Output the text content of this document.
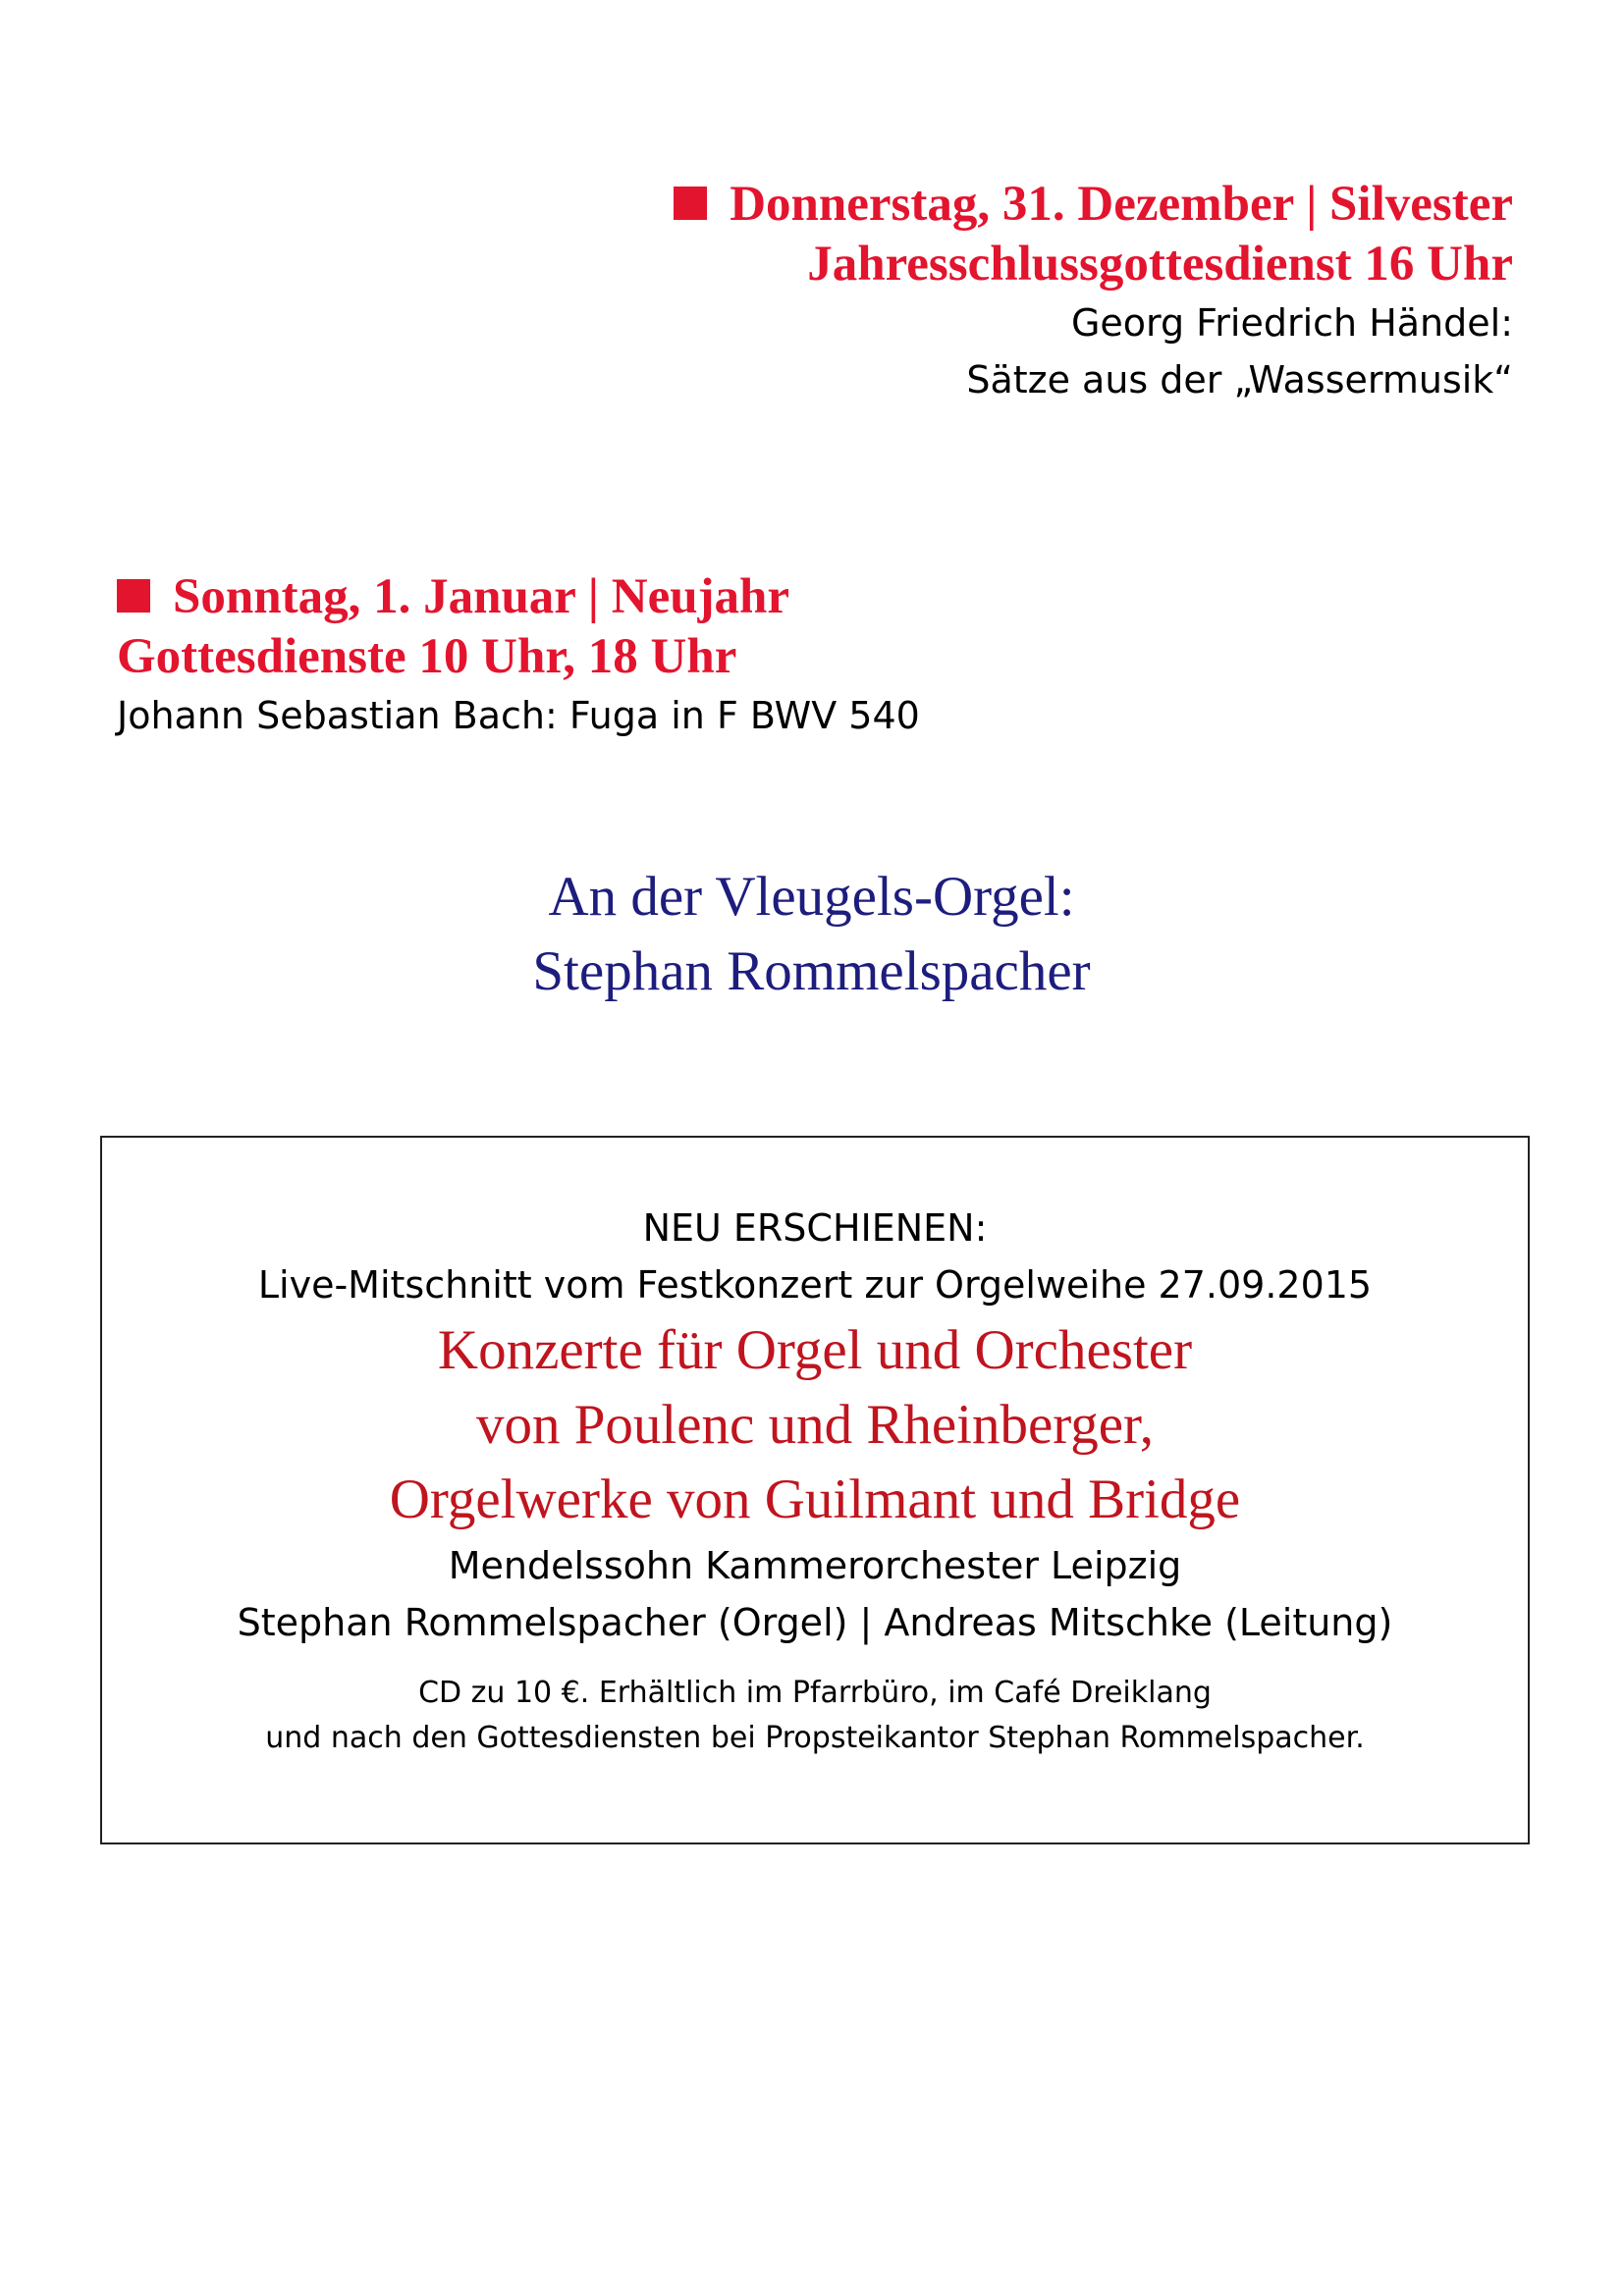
Donnerstag, 31. Dezember | Silvester
Jahresschlussgottesdienst 16 Uhr
Georg Friedrich Händel:
Sätze aus der „Wassermusik“
Sonntag, 1. Januar | Neujahr
Gottesdienste 10 Uhr, 18 Uhr
Johann Sebastian Bach: Fuga in F BWV 540
An der Vleugels-Orgel:
Stephan Rommelspacher
NEU ERSCHIENEN:
Live-Mitschnitt vom Festkonzert zur Orgelweihe 27.09.2015
Konzerte für Orgel und Orchester
von Poulenc und Rheinberger,
Orgelwerke von Guilmant und Bridge
Mendelssohn Kammerorchester Leipzig
Stephan Rommelspacher (Orgel) | Andreas Mitschke (Leitung)
CD zu 10 €. Erhältlich im Pfarrbüro, im Café Dreiklang
und nach den Gottesdiensten bei Propsteikantor Stephan Rommelspacher.
